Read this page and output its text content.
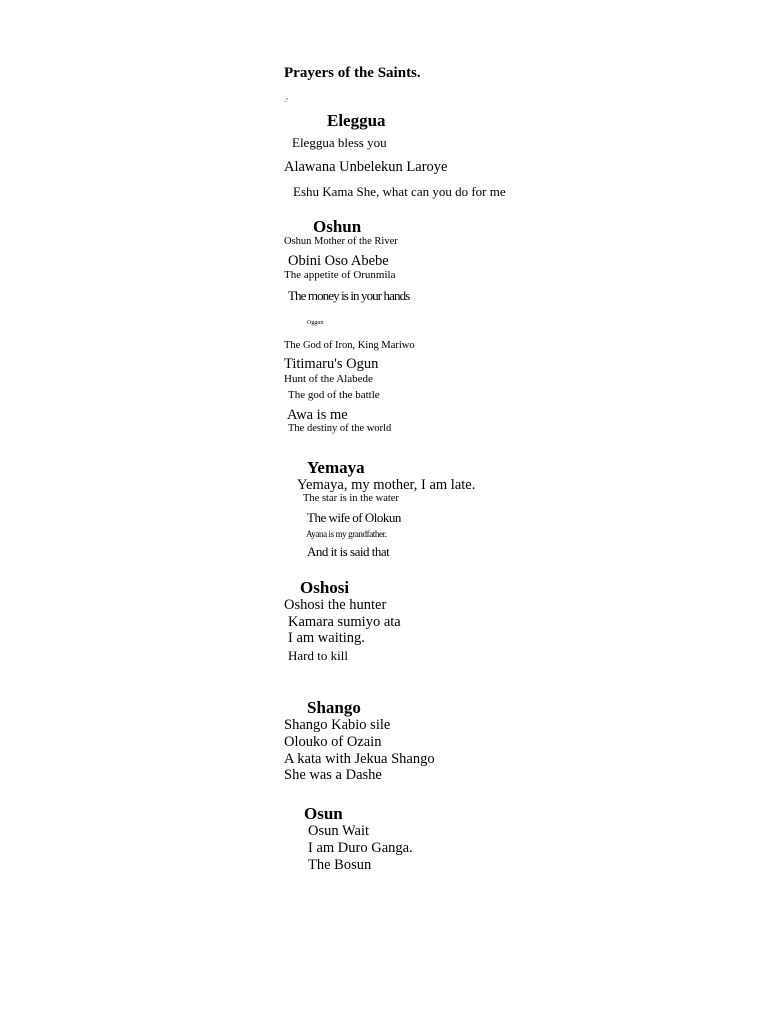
Prayers of the Saints.
.:'
Eleggua
Eleggua bless you
Alawana Unbelekun Laroye
Eshu Kama She, what can you do for me
Oshun
Oshun Mother of the River
Obini Oso Abebe
The appetite of Orunmila
The money is in your hands
Oggun
The God of Iron, King Mariwo
Titimaru's Ogun
Hunt of the Alabede
The god of the battle
Awa is me
The destiny of the world
Yemaya
Yemaya, my mother, I am late.
The star is in the water
The wife of Olokun
Ayana is my grandfather.
And it is said that
Oshosi
Oshosi the hunter
Kamara sumiyo ata
I am waiting.
Hard to kill
Shango
Shango Kabio sile
Olouko of Ozain
A kata with Jekua Shango
She was a Dashe
Osun
Osun Wait
I am Duro Ganga.
The Bosun
